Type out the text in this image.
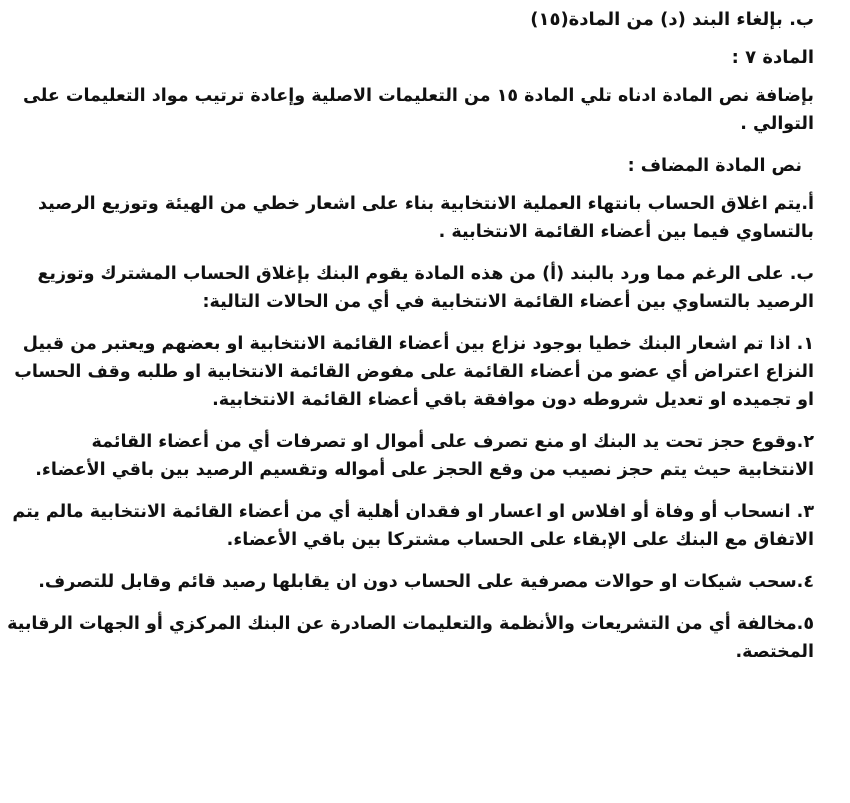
ب. بإلغاء البند (د) من المادة(١٥)
المادة ٧ :
بإضافة نص المادة ادناه تلي المادة ١٥ من التعليمات الاصلية وإعادة ترتيب مواد التعليمات على
التوالي .
نص المادة المضاف :
أ.يتم اغلاق الحساب بانتهاء العملية الانتخابية بناء على اشعار خطي من الهيئة وتوزيع الرصيد
بالتساوي فيما بين أعضاء القائمة الانتخابية .
ب. على الرغم مما ورد بالبند (أ) من هذه المادة يقوم البنك بإغلاق الحساب المشترك وتوزيع
الرصيد بالتساوي بين أعضاء القائمة الانتخابية في أي من الحالات التالية:
١. اذا تم اشعار البنك خطيا بوجود نزاع بين أعضاء القائمة الانتخابية او بعضهم ويعتبر من قبيل
النزاع اعتراض أي عضو من أعضاء القائمة على مفوض القائمة الانتخابية او طلبه وقف الحساب
او تجميده او تعديل شروطه دون موافقة باقي أعضاء القائمة الانتخابية.
٢.وقوع حجز تحت يد البنك او منع تصرف على أموال او تصرفات أي من أعضاء القائمة
الانتخابية حيث يتم حجز نصيب من وقع الحجز على أمواله وتقسيم الرصيد بين باقي الأعضاء.
٣. انسحاب أو وفاة أو افلاس او اعسار او فقدان أهلية أي من أعضاء القائمة الانتخابية مالم يتم
الاتفاق مع البنك على الإبقاء على الحساب مشتركا بين باقي الأعضاء.
٤.سحب شيكات او حوالات مصرفية على الحساب دون ان يقابلها رصيد قائم وقابل للتصرف.
٥.مخالفة أي من التشريعات والأنظمة والتعليمات الصادرة عن البنك المركزي أو الجهات الرقابية
المختصة.
